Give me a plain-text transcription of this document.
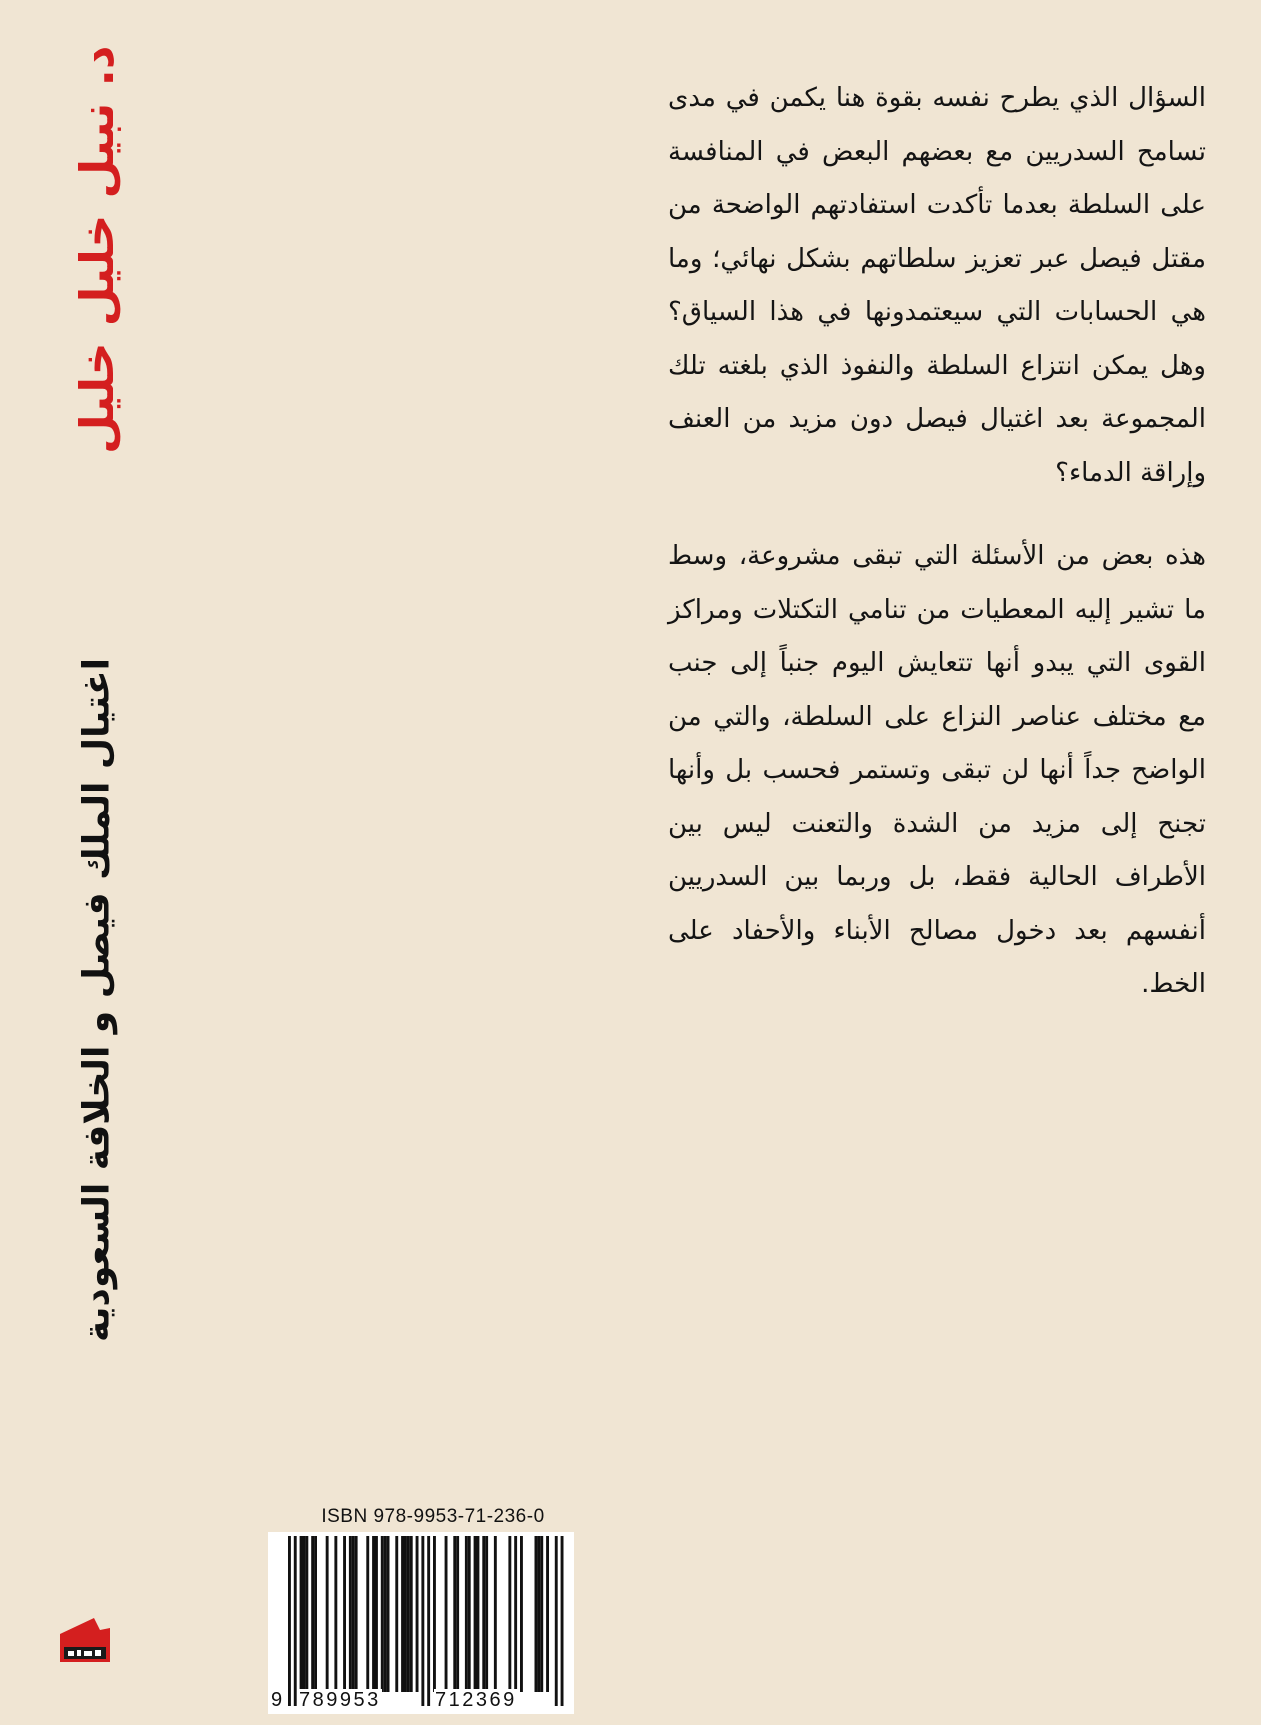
د. نبيل خليل خليل
اغتيال الملك فيصل و الخلافة السعودية

السؤال الذي يطرح نفسه بقوة هنا يكمن في مدى تسامح السدريين مع بعضهم البعض في المنافسة على السلطة بعدما تأكدت استفادتهم الواضحة من مقتل فيصل عبر تعزيز سلطاتهم بشكل نهائي؛ وما هي الحسابات التي سيعتمدونها في هذا السياق؟ وهل يمكن انتزاع السلطة والنفوذ الذي بلغته تلك المجموعة بعد اغتيال فيصل دون مزيد من العنف وإراقة الدماء؟

هذه بعض من الأسئلة التي تبقى مشروعة، وسط ما تشير إليه المعطيات من تنامي التكتلات ومراكز القوى التي يبدو أنها تتعايش اليوم جنباً إلى جنب مع مختلف عناصر النزاع على السلطة، والتي من الواضح جداً أنها لن تبقى وتستمر فحسب بل وأنها تجنح إلى مزيد من الشدة والتعنت ليس بين الأطراف الحالية فقط، بل وربما بين السدريين أنفسهم بعد دخول مصالح الأبناء والأحفاد على الخط.

ISBN 978-9953-71-236-0
9 789953	712369
